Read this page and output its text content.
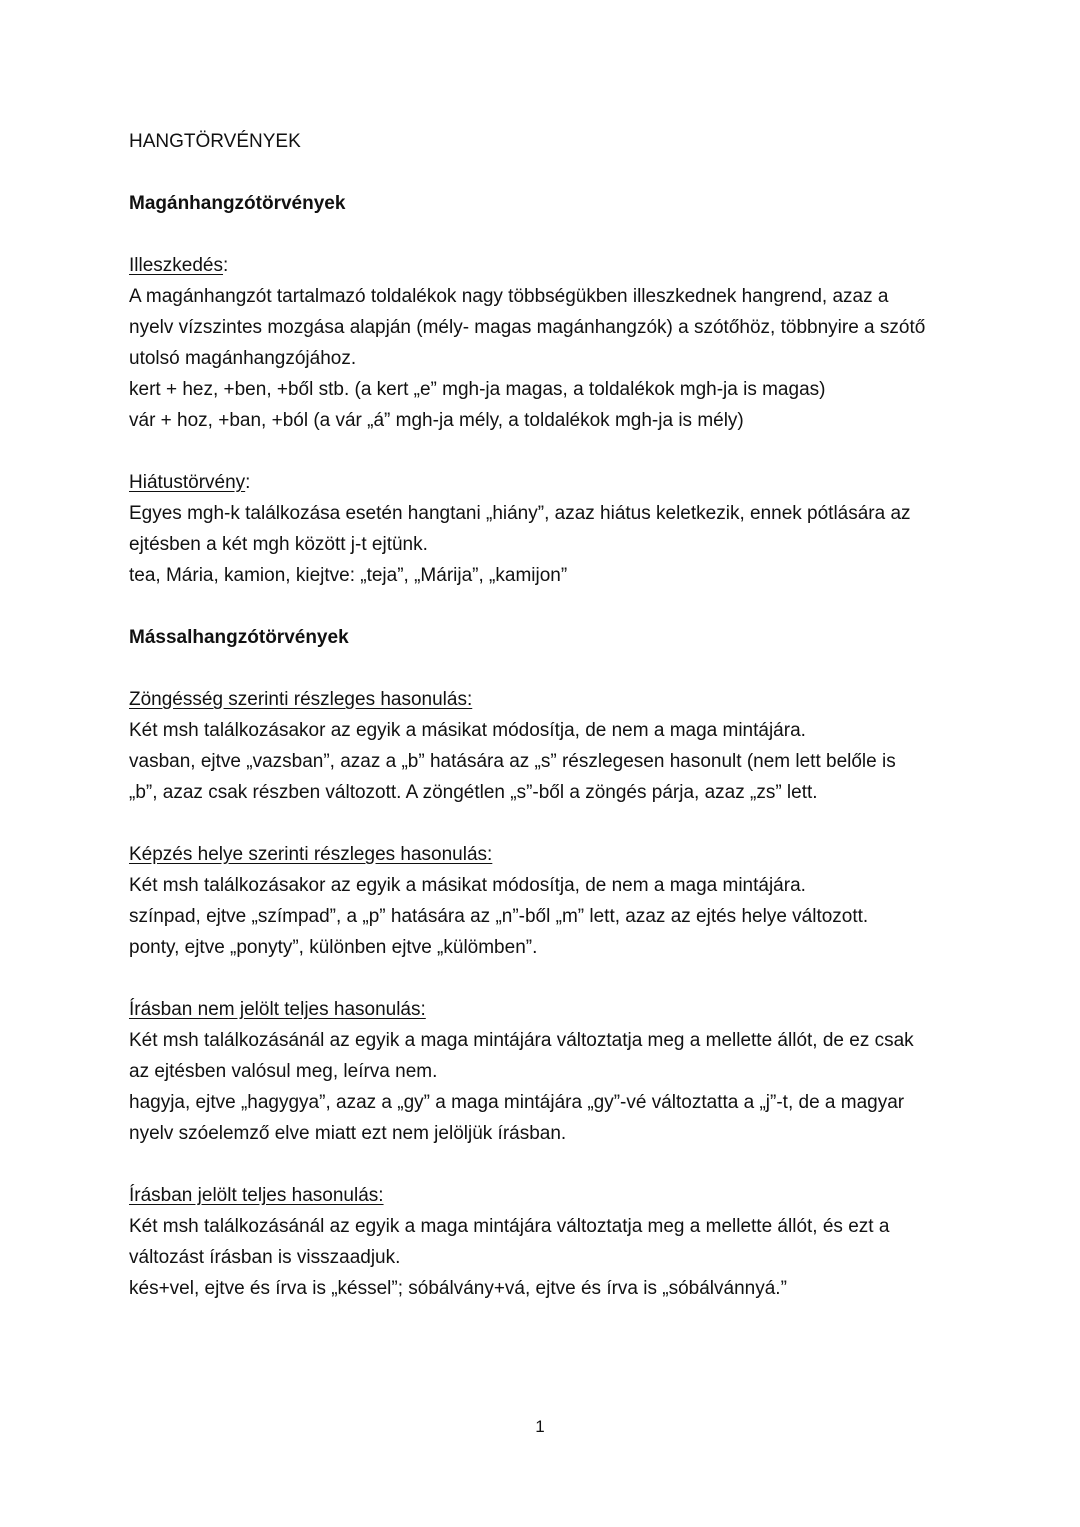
HANGTÖRVÉNYEK

Magánhangzótörvények

Illeszkedés:

A magánhangzót tartalmazó toldalékok nagy többségükben illeszkednek hangrend, azaz a

nyelv vízszintes mozgása alapján (mély- magas magánhangzók) a szótőhöz, többnyire a szótő

utolsó magánhangzójához.

kert + hez, +ben, +ből stb. (a kert „e” mgh-ja magas, a toldalékok mgh-ja is magas)

vár + hoz, +ban, +ból (a vár „á” mgh-ja mély, a toldalékok mgh-ja is mély)

Hiátustörvény:

Egyes mgh-k találkozása esetén hangtani „hiány”, azaz hiátus keletkezik, ennek pótlására az

ejtésben a két mgh között j-t ejtünk.

tea, Mária, kamion, kiejtve: „teja”, „Márija”, „kamijon”

Mássalhangzótörvények

Zöngésség szerinti részleges hasonulás:

Két msh találkozásakor az egyik a másikat módosítja, de nem a maga mintájára.

vasban, ejtve „vazsban”, azaz a „b” hatására az „s” részlegesen hasonult (nem lett belőle is

„b”, azaz csak részben változott. A zöngétlen „s”-ből a zöngés párja, azaz „zs” lett.

Képzés helye szerinti részleges hasonulás:

Két msh találkozásakor az egyik a másikat módosítja, de nem a maga mintájára.

színpad, ejtve „szímpad”, a „p” hatására az „n”-ből „m” lett, azaz az ejtés helye változott.

ponty, ejtve „ponyty”, különben ejtve „külömben”.

Írásban nem jelölt teljes hasonulás:

Két msh találkozásánál az egyik a maga mintájára változtatja meg a mellette állót, de ez csak

az ejtésben valósul meg, leírva nem.

hagyja, ejtve „hagygya”, azaz a „gy” a maga mintájára „gy”-vé változtatta a „j”-t, de a magyar

nyelv szóelemző elve miatt ezt nem jelöljük írásban.

Írásban jelölt teljes hasonulás:

Két msh találkozásánál az egyik a maga mintájára változtatja meg a mellette állót, és ezt a

változást írásban is visszaadjuk.

kés+vel, ejtve és írva is „késsel”; sóbálvány+vá, ejtve és írva is „sóbálvánnyá.”

1
